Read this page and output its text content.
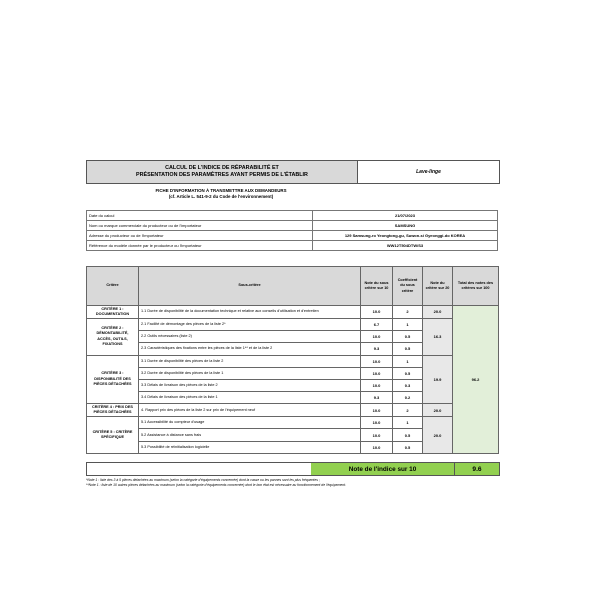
CALCUL DE L'INDICE DE RÉPARABILITÉ ET
PRÉSENTATION DES PARAMÈTRES AYANT PERMIS DE L'ÉTABLIR	Lave-linge
FICHE D'INFORMATION À TRANSMETTRE AUX DEMANDEURS
(cf. Article L. 541-9-2 du Code de l'environnement)
Date du calcul	21/07/2023
Nom ou marque commerciale du producteur ou de l'importateur	SAMSUNG
Adresse du producteur ou de l'importateur	129 Samsung-ro Yeongtong-gu, Suwon-si Gyeonggi-do KOREA
Référence du modèle donnée par le producteur ou l'importateur	WW12T504DTW/S3
Critère	Sous-critère	Note du sous critère sur 10	Coefficient du sous critère	Note du critère sur 20	Total des notes des critères sur 100
CRITÈRE 1 : DOCUMENTATION	1.1 Durée de disponibilité de la documentation technique et relative aux conseils d'utilisation et d'entretien	10.0	2	20.0	96.2
CRITÈRE 2 : DÉMONTABILITÉ, ACCÈS, OUTILS, FIXATIONS	2.1 Facilité de démontage des pièces de la liste 2*	6.7	1	16.3	
	2.2 Outils nécessaires (liste 2)	10.0	0.5		
	2.3 Caractéristiques des fixations entre les pièces de la liste 1** et de la liste 2	9.3	0.5		
CRITÈRE 3 : DISPONIBILITÉ DES PIÈCES DÉTACHÉES	3.1 Durée de disponibilité des pièces de la liste 2	10.0	1	19.9	
	3.2 Durée de disponibilité des pièces de la liste 1	10.0	0.5		
	3.3 Délais de livraison des pièces de la liste 2	10.0	0.3		
	3.4 Délais de livraison des pièces de la liste 1	9.3	0.2		
CRITÈRE 4 : PRIX DES PIÈCES DÉTACHÉES	4. Rapport prix des pièces de la liste 2 sur prix de l'équipement neuf	10.0	2	20.0	
CRITÈRE 5 : CRITÈRE SPÉCIFIQUE	5.1 Accessibilité du compteur d'usage	10.0	1	20.0	
	5.2 Assistance à distance sans frais	10.0	0.5		
	5.3 Possibilité de réinitialisation logicielle	10.0	0.5		
Note de l'indice sur 10	9.6
*Note 1 : liste des 3 à 5 pièces détachées au maximum (selon la catégorie d'équipements concernée) dont la casse ou les pannes sont les plus fréquentes ;
**Note 1 : liste de 10 autres pièces détachées au maximum (selon la catégorie d'équipements concernée) dont le bon état est nécessaire au fonctionnement de l'équipement.
